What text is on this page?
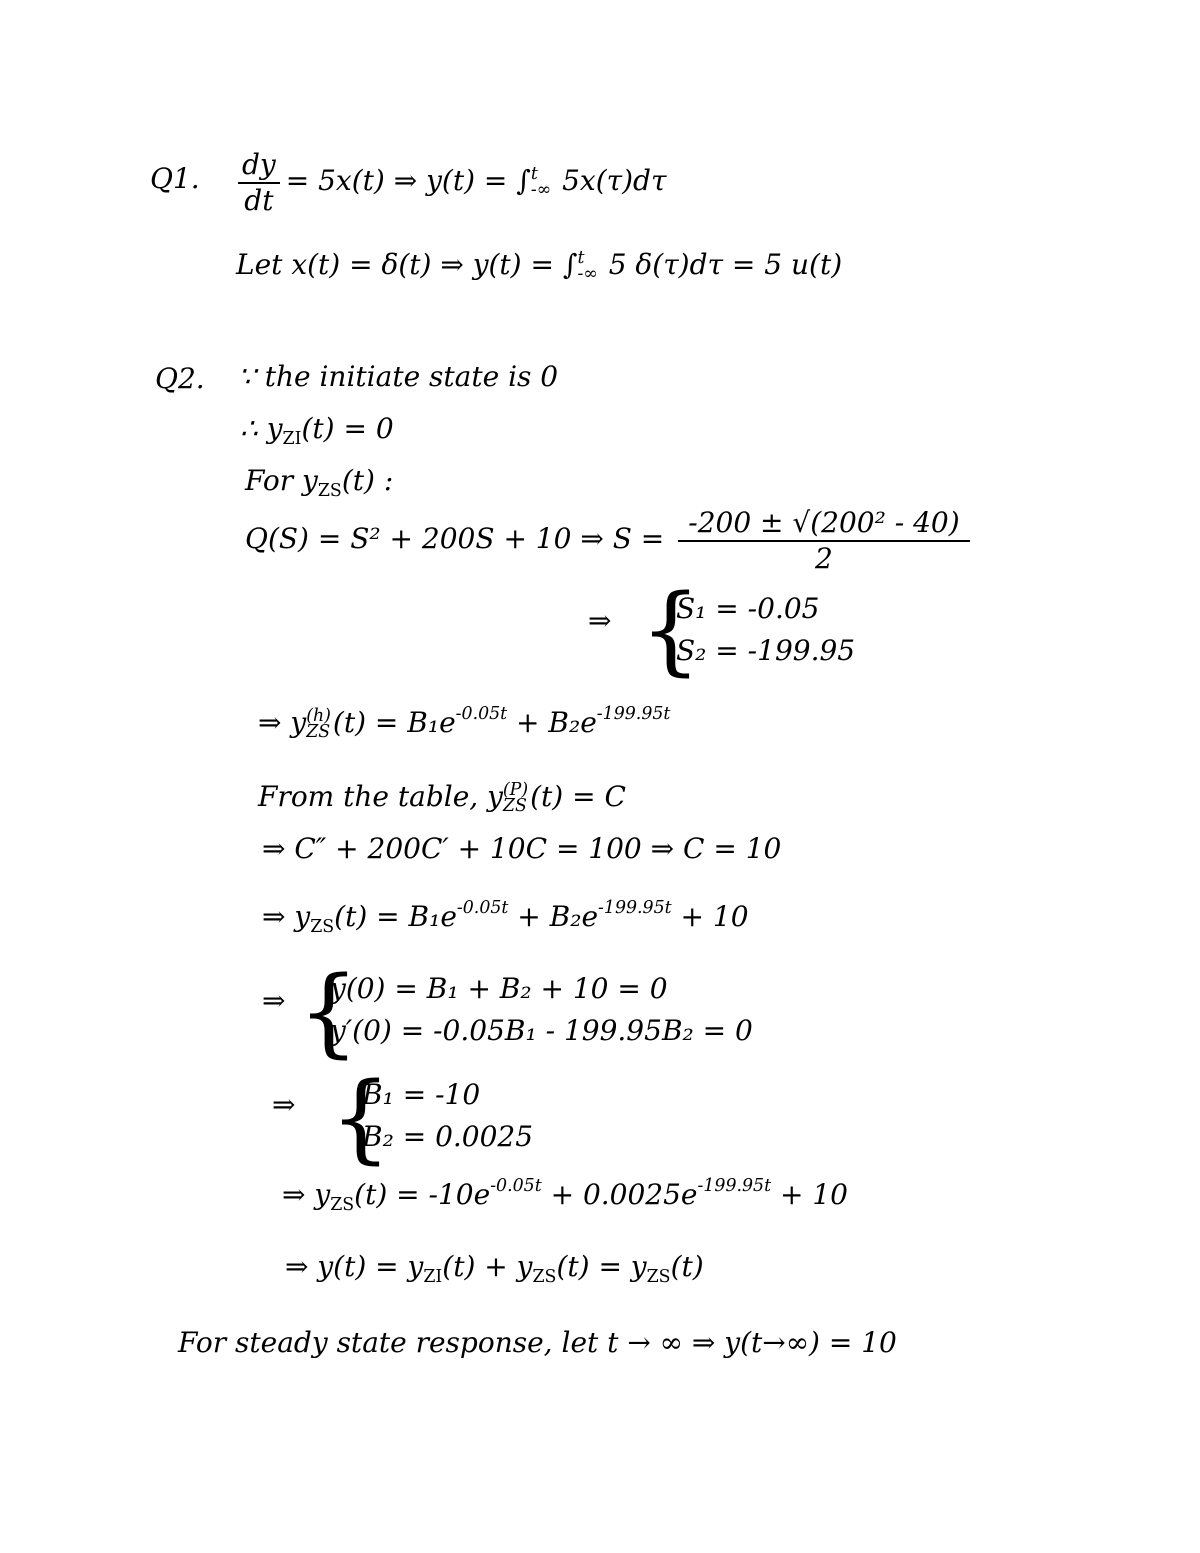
Q1. $\frac{dy}{dt} = 5x(t)$ ⇒ y(t) = ∫ t
-∞ 5x(τ)dτ
Let x(t) = δ(t) ⇒ y(t) = ∫ t
-∞ 5 δ(τ)dτ = 5 u(t)
Q2. ∵ the initiate state is 0
∴ $y_{ZI}(t) = 0$
For $y_{ZS}(t)$ :
Q(S) = S² + 200S + 10 ⇒ $S = \frac{\text{-200 ± √(200² - 40)}}{2}$
⇒ {
S₁ = -0.05
S₂ = -199.95
⇒ y (h)
ZS $(t) = B_1e^{-0.05t} + B_2e^{-199.95t}$
From the table, y (P)
ZS (t) = C
⇒ C″ + 200C′ + 10C = 100 ⇒ C = 10
⇒ $y_{ZS}(t) = B_1e^{-0.05t} + B_2e^{-199.95t} + 10$
⇒ {
y(0) = B₁ + B₂ + 10 = 0
y′(0) = -0.05B₁ - 199.95B₂ = 0
⇒ {
B₁ = -10
B₂ = 0.0025
⇒ $y_{ZS}(t) = -10e^{-0.05t} + 0.0025e^{-199.95t} + 10$
⇒ $y(t) = y_{ZI}(t) + y_{ZS}(t) = y_{ZS}(t)$
For steady state response, let t → ∞ ⇒ y(t→∞) = 10
